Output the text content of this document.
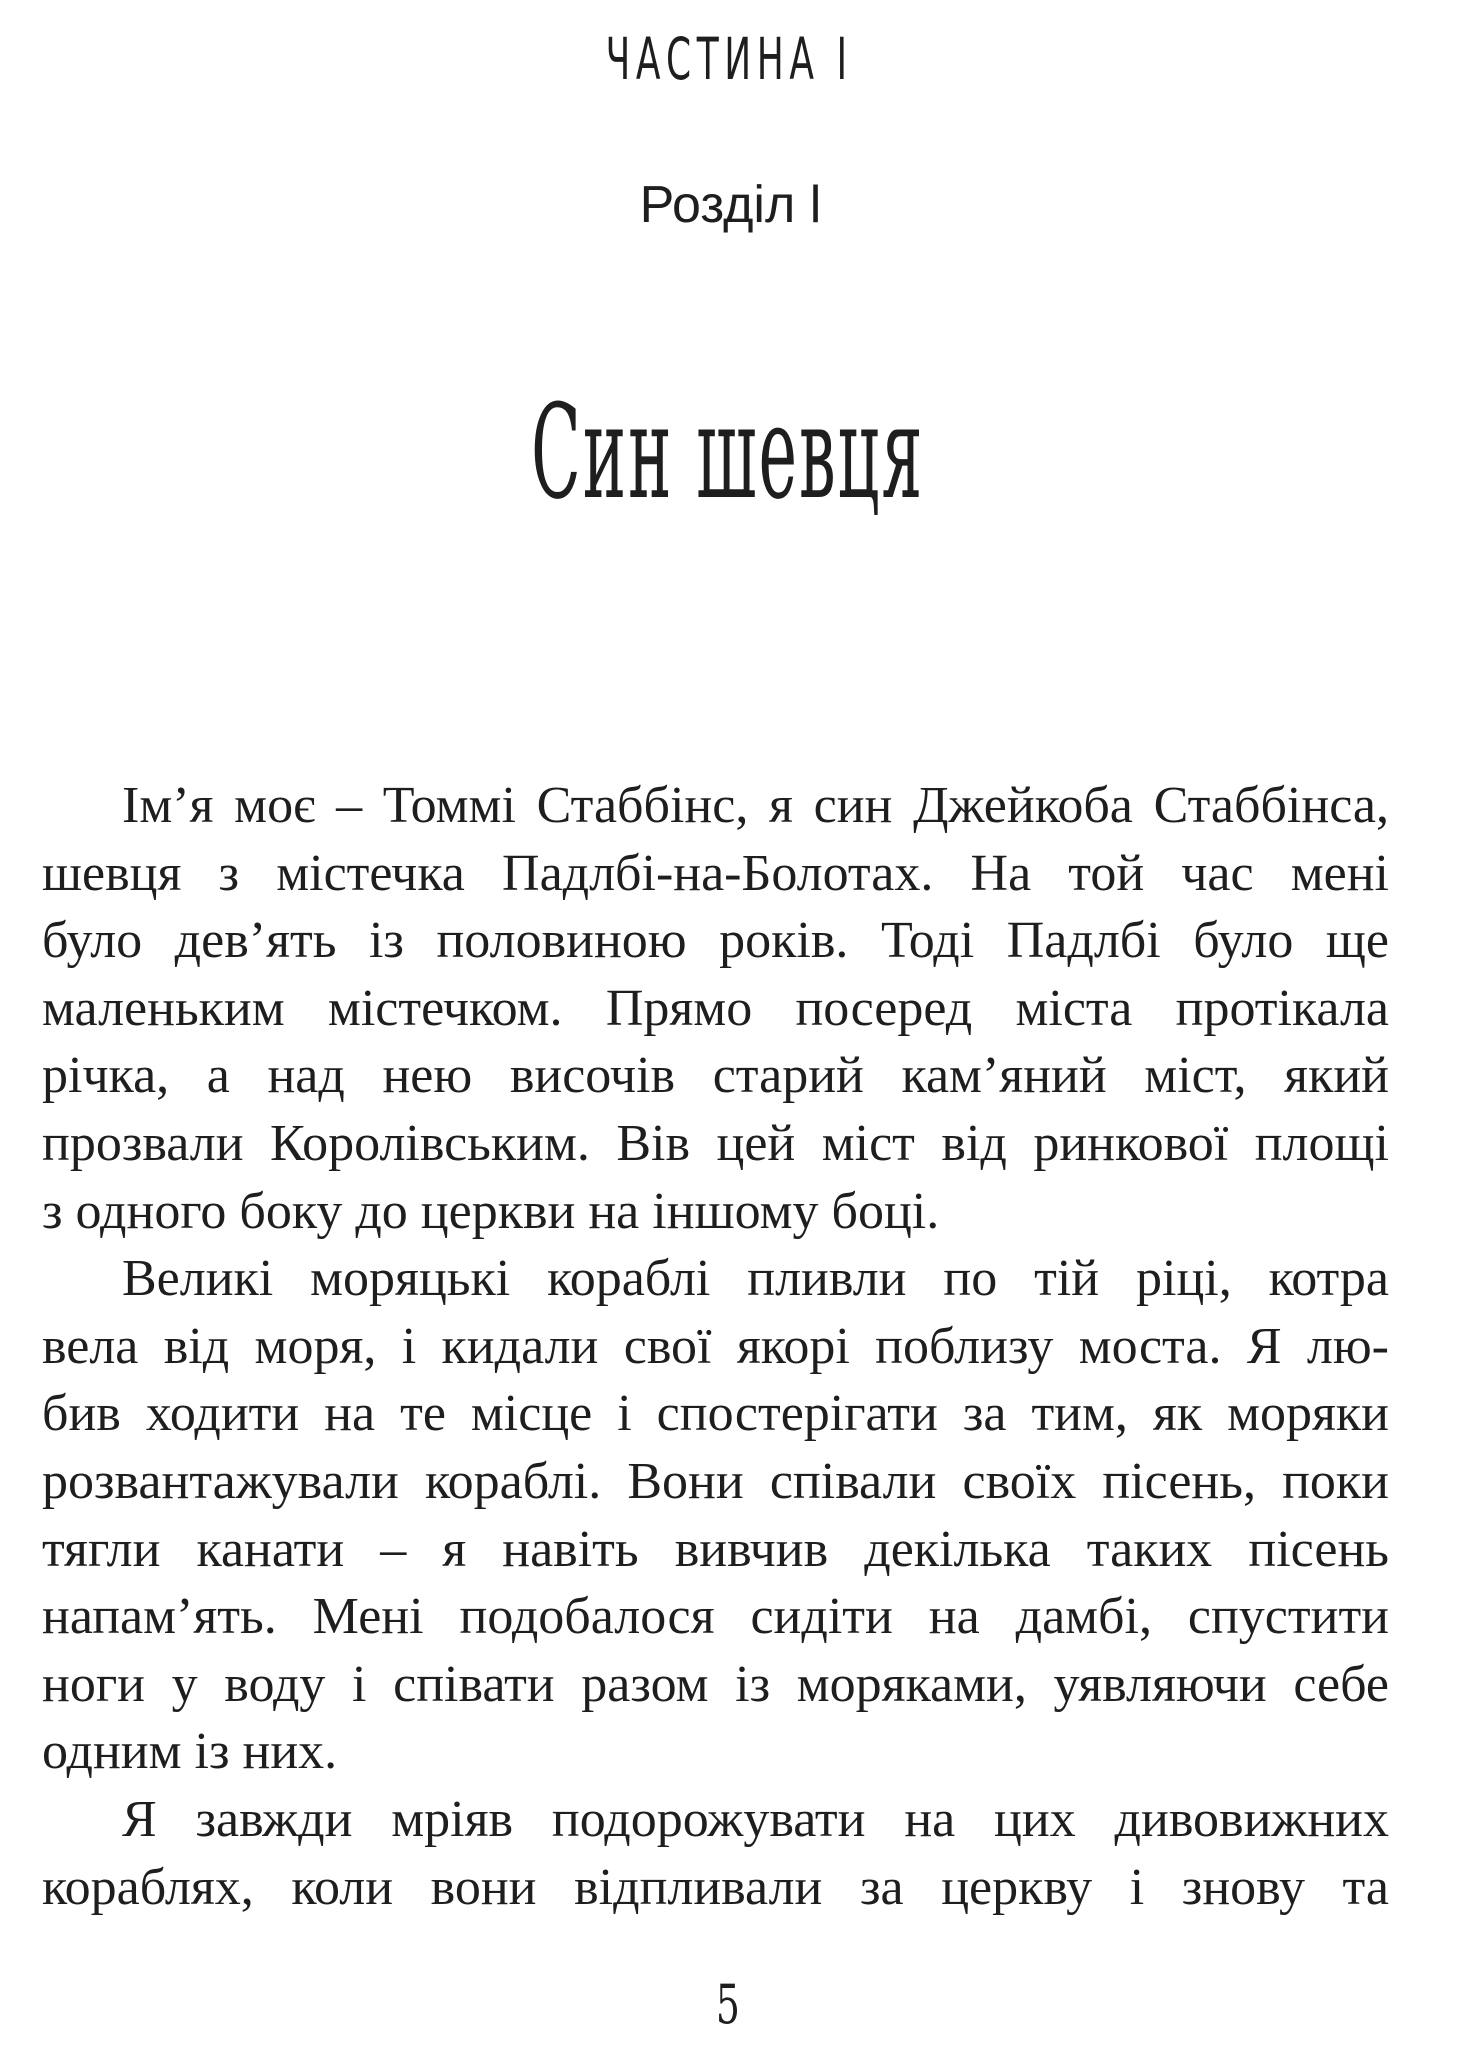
ЧАСТИНА І
Розділ l
Син шевця
Ім’я моє – Томмі Стаббінс, я син Джейкоба Стаббінса,
шевця з містечка Падлбі-на-Болотах. На той час мені
було дев’ять із половиною років. Тоді Падлбі було ще
маленьким містечком. Прямо посеред міста протікала
річка, а над нею височів старий кам’яний міст, який
прозвали Королівським. Вів цей міст від ринкової площі
з одного боку до церкви на іншому боці.
Великі моряцькі кораблі пливли по тій ріці, котра
вела від моря, і кидали свої якорі поблизу моста. Я лю-
бив ходити на те місце і спостерігати за тим, як моряки
розвантажували кораблі. Вони співали своїх пісень, поки
тягли канати – я навіть вивчив декілька таких пісень
напам’ять. Мені подобалося сидіти на дамбі, спустити
ноги у воду і співати разом із моряками, уявляючи себе
одним із них.
Я завжди мріяв подорожувати на цих дивовижних
кораблях, коли вони відпливали за церкву і знову та
5
